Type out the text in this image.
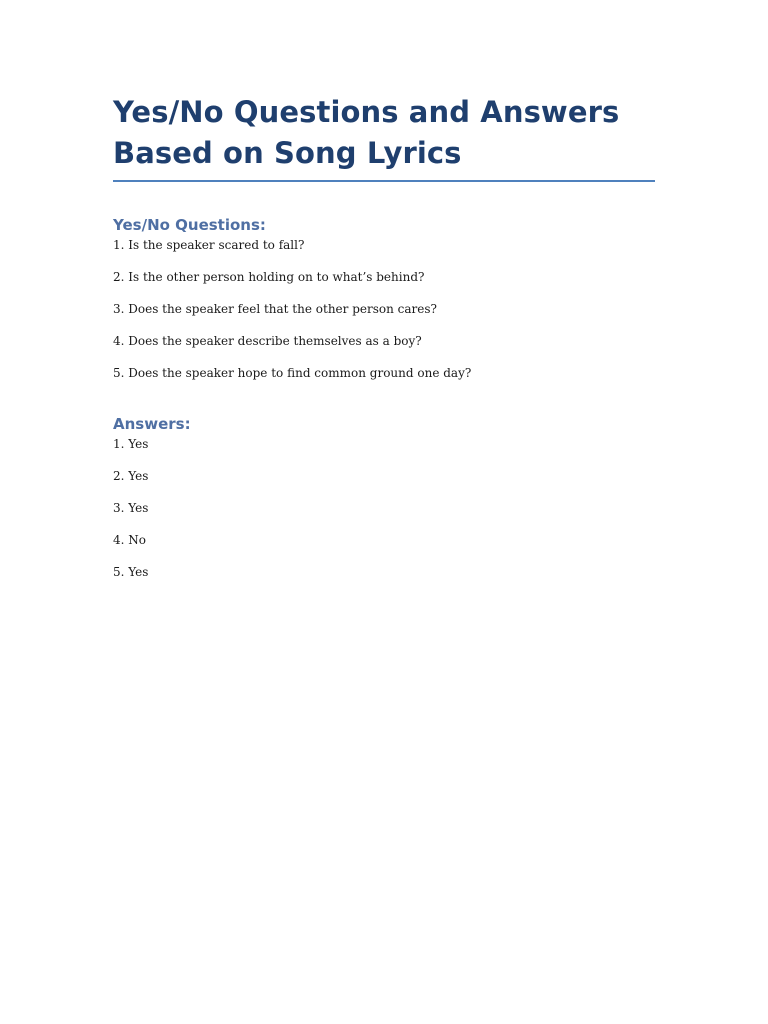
Yes/No Questions and Answers Based on Song Lyrics
Yes/No Questions:
1. Is the speaker scared to fall?
2. Is the other person holding on to what’s behind?
3. Does the speaker feel that the other person cares?
4. Does the speaker describe themselves as a boy?
5. Does the speaker hope to find common ground one day?
Answers:
1. Yes
2. Yes
3. Yes
4. No
5. Yes
